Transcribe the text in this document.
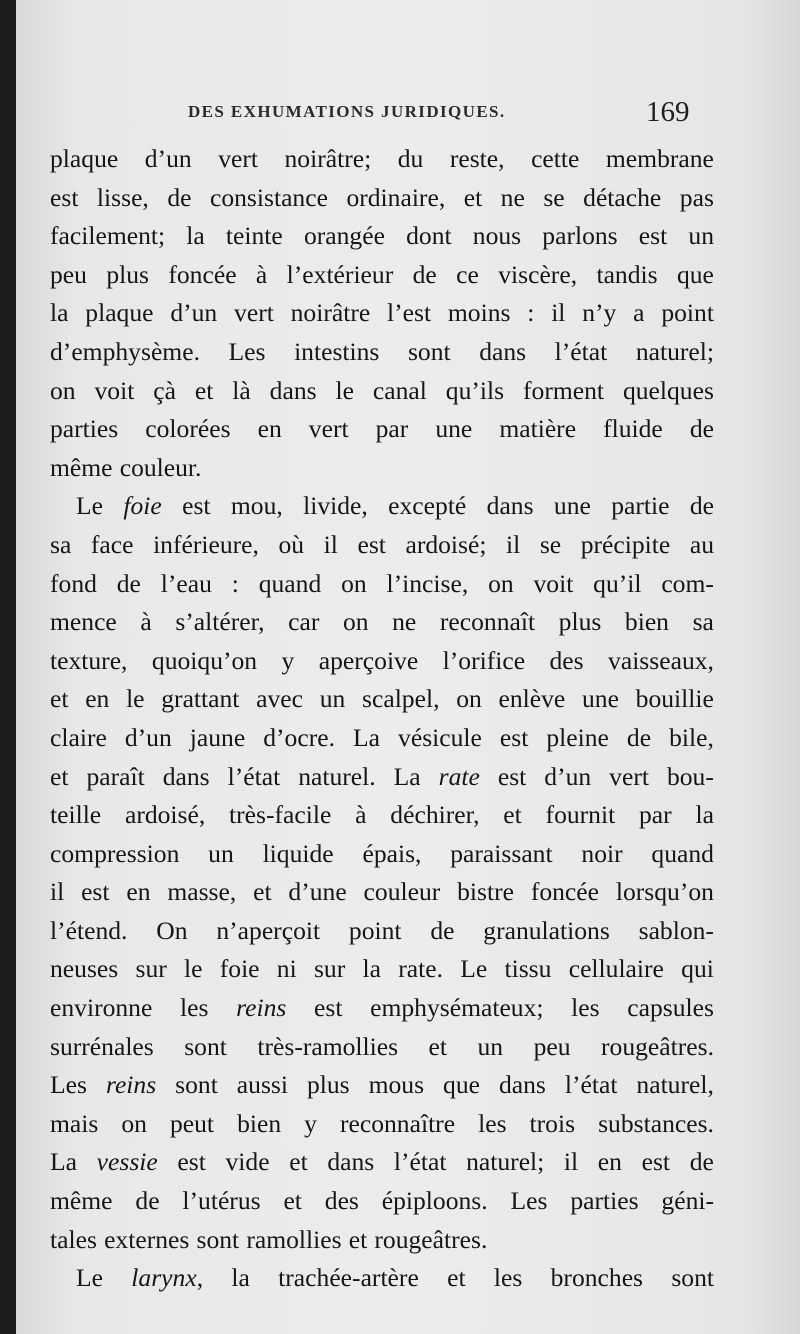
DES EXHUMATIONS JURIDIQUES.	169
plaque d’un vert noirâtre; du reste, cette membrane
est lisse, de consistance ordinaire, et ne se détache pas
facilement; la teinte orangée dont nous parlons est un
peu plus foncée à l’extérieur de ce viscère, tandis que
la plaque d’un vert noirâtre l’est moins : il n’y a point
d’emphysème. Les intestins sont dans l’état naturel;
on voit çà et là dans le canal qu’ils forment quelques
parties colorées en vert par une matière fluide de
même couleur.
Le foie est mou, livide, excepté dans une partie de
sa face inférieure, où il est ardoisé; il se précipite au
fond de l’eau : quand on l’incise, on voit qu’il com-
mence à s’altérer, car on ne reconnaît plus bien sa
texture, quoiqu’on y aperçoive l’orifice des vaisseaux,
et en le grattant avec un scalpel, on enlève une bouillie
claire d’un jaune d’ocre. La vésicule est pleine de bile,
et paraît dans l’état naturel. La rate est d’un vert bou-
teille ardoisé, très-facile à déchirer, et fournit par la
compression un liquide épais, paraissant noir quand
il est en masse, et d’une couleur bistre foncée lorsqu’on
l’étend. On n’aperçoit point de granulations sablon-
neuses sur le foie ni sur la rate. Le tissu cellulaire qui
environne les reins est emphysémateux; les capsules
surrénales sont très-ramollies et un peu rougeâtres.
Les reins sont aussi plus mous que dans l’état naturel,
mais on peut bien y reconnaître les trois substances.
La vessie est vide et dans l’état naturel; il en est de
même de l’utérus et des épiploons. Les parties géni-
tales externes sont ramollies et rougeâtres.
Le larynx, la trachée-artère et les bronches sont
